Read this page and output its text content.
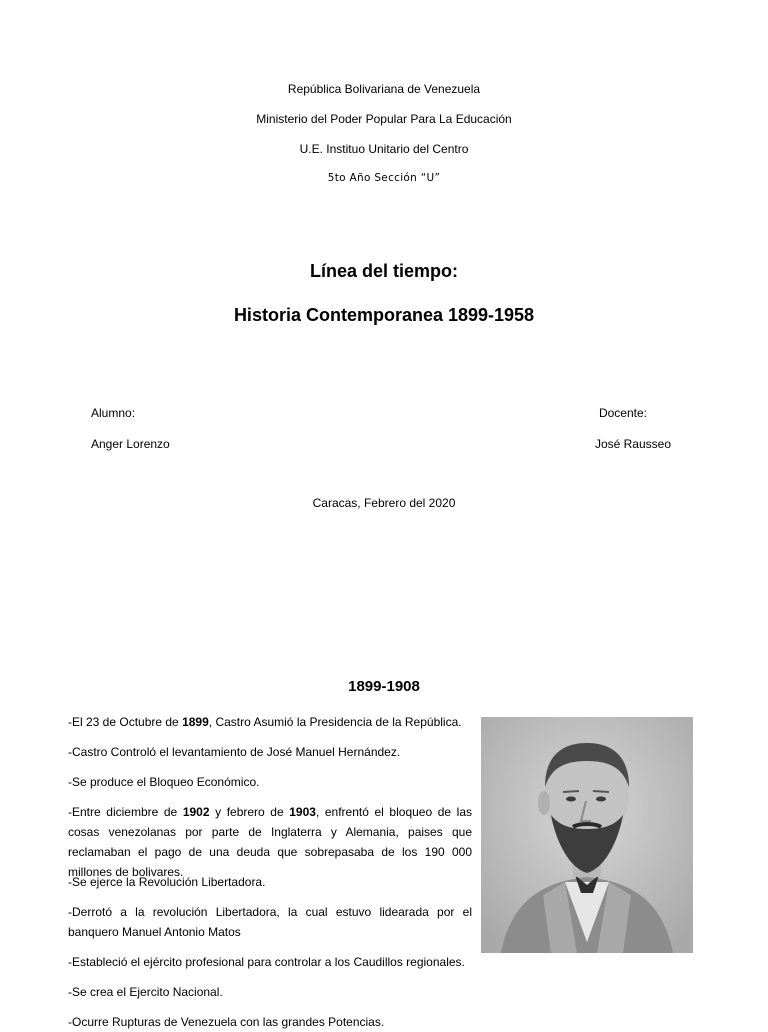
República Bolivariana de Venezuela
Ministerio del Poder Popular Para La Educación
U.E. Instituo Unitario del Centro
5to Año Sección “U”
Línea del tiempo:
Historia Contemporanea 1899-1958
Alumno:
Anger Lorenzo
Docente:
José Rausseo
Caracas, Febrero del 2020
1899-1908
-El 23 de Octubre de 1899, Castro Asumió la Presidencia de la República.
-Castro Controló el levantamiento de José Manuel Hernández.
-Se produce el Bloqueo Económico.
-Entre diciembre de 1902 y febrero de 1903, enfrentó el bloqueo de las cosas venezolanas por parte de Inglaterra y Alemania, paises que reclamaban el pago de una deuda que sobrepasaba de los 190 000 millones de bolivares.
-Se ejerce la Revolución Libertadora.
-Derrotó a la revolución Libertadora, la cual estuvo lidearada por el banquero Manuel Antonio Matos
-Estableció el ejército profesional para controlar a los Caudillos regionales.
-Se crea el Ejercito Nacional.
-Ocurre Rupturas de Venezuela con las grandes Potencias.
